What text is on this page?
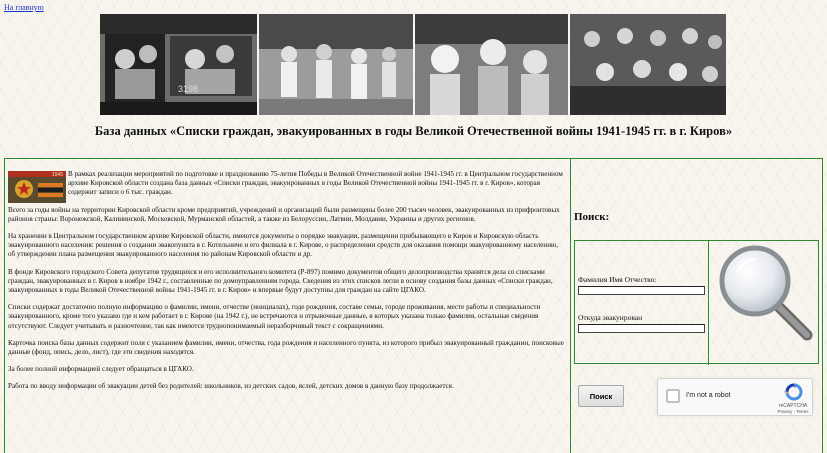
На главную
3198
База данных «Списки граждан, эвакуированных в годы Великой Отечественной войны 1941-1945 гг. в г. Киров»

1945 В рамках реализации мероприятий по подготовке и празднованию 75-летия Победы в Великой Отечественной войне 1941-1945 гг. в Центральном государственном архиве Кировской области создана база данных «Списки граждан, эвакуированных в годы Великой Отечественной войны 1941-1945 гг. в г. Киров», которая содержит записи о 6 тыс. граждан.

Всего за годы войны на территории Кировской области кроме предприятий, учреждений и организаций были размещены более 200 тысяч человек, эвакуированных из прифронтовых районов страны: Воронежской, Калининской, Московской, Мурманской областей, а также из Белоруссии, Латвии, Молдавии, Украины и других регионов.

На хранении в Центральном государственном архиве Кировской области, имеются документы о порядке эвакуации, размещении прибывающего в Киров и Кировскую область эвакуированного населения: решения о создании эвакопункта в г. Котельниче и его филиала в г. Кирове, о распределении средств для оказания помощи эвакуированному населению, об утверждении плана размещения эвакуированного населения по районам Кировской области и др.

В фонде Кировского городского Совета депутатов трудящихся и его исполнительного комитета (Р-897) помимо документов общего делопроизводства хранятся дела со списками граждан, эвакуированных в г. Киров в ноябре 1942 г., составленные по домоуправлениям города. Сведения из этих списков легли в основу создания базы данных «Списки граждан, эвакуированных в годы Великой Отечественной войны 1941-1945 гг. в г. Киров» и впервые будут доступны для граждан на сайте ЦГАКО.

Списки содержат достаточно полную информацию о фамилии, имени, отчестве (инициалах), годе рождения, составе семьи, городе проживания, месте работы и специальности эвакуированного, кроме того указано где и кем работает в г. Кирове (на 1942 г.), не встречаются и отрывочные данные, в которых указана только фамилия, остальные сведения отсутствуют. Следует учитывать и разночтение, так как имеются труднопонимаемый неразборчивый текст с сокращениями.

Карточка поиска базы данных содержит поля с указанием фамилии, имени, отчества, года рождения и населенного пункта, из которого прибыл эвакуированный гражданин, поисковые данные (фонд, опись, дело, лист), где эти сведения находятся.

За более полной информацией следует обращаться в ЦГАКО.

Работа по вводу информации об эвакуации детей без родителей: школьников, из детских садов, яслей, детских домов в данную базу продолжается.

Поиск:
Фамилия Имя Отчество:
Откуда эвакуирован
Поиск	I'm not a robot
reCAPTCHA
Privacy - Terms
